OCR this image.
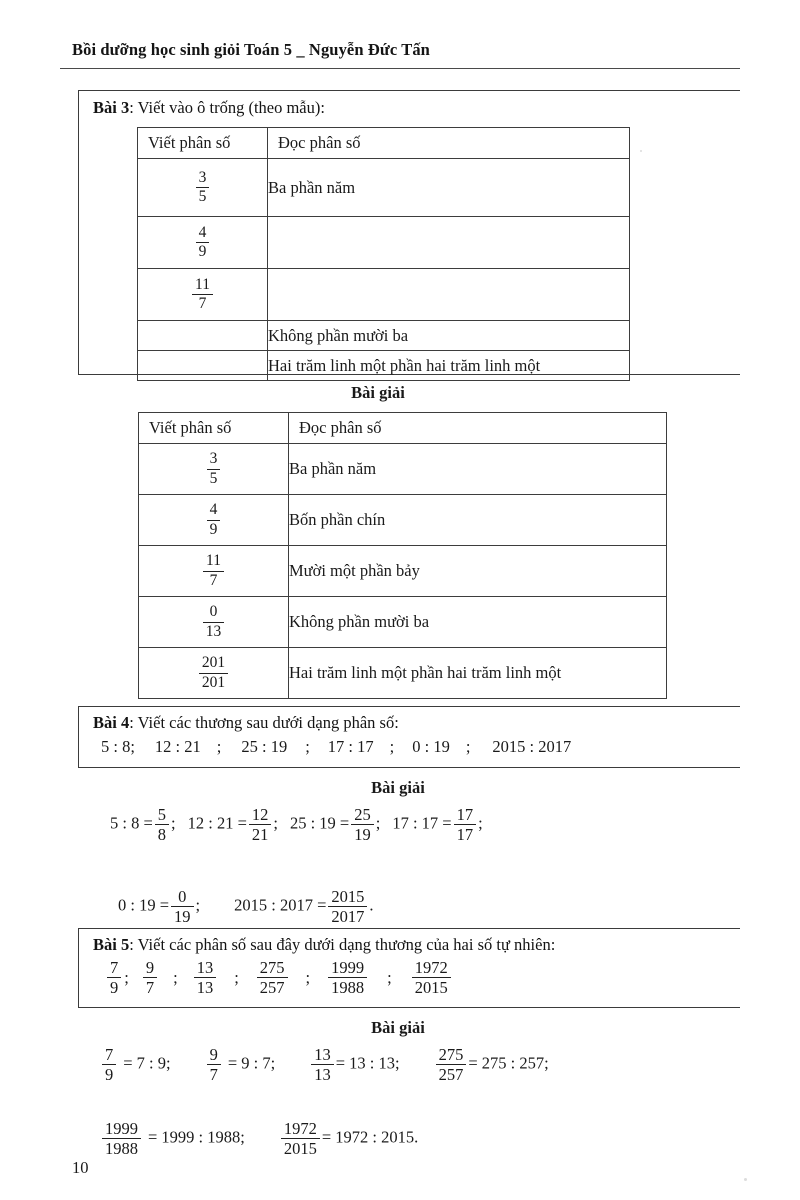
Bồi dưỡng học sinh giỏi Toán 5 _ Nguyễn Đức Tấn
Bài 3: Viết vào ô trống (theo mẫu):
Viết phân số	Đọc phân số

$\frac{3}{5}$	Ba phần năm

$\frac{4}{9}$

$\frac{11}{7}$

	Không phần mười ba
	Hai trăm linh một phần hai trăm linh một
Bài giải
Viết phân số	Đọc phân số

$\frac{3}{5}$	Ba phần năm

$\frac{4}{9}$	Bốn phần chín

$\frac{11}{7}$	Mười một phần bảy

$\frac{0}{13}$	Không phần mười ba

$\frac{201}{201}$	Hai trăm linh một phần hai trăm linh một
Bài 4: Viết các thương sau dưới dạng phân số:
5 : 8; 12 : 21 ; 25 : 19 ; 17 : 17 ; 0 : 19 ; 2015 : 2017
Bài giải
5 : $8 = \frac{5}{8}$ ; 12 : $21 = \frac{12}{21}$ ; 25 : $19 = \frac{25}{19}$ ; 17 : $17 = \frac{17}{17}$ ;
0 : $19 = \frac{0}{19}$ ; 2015 : $2017 = \frac{2015}{2017}$ .
Bài 5: Viết các phân số sau đây dưới dạng thương của hai số tự nhiên:
$\frac{7}{9}$ ; $\frac{9}{7}$ ; $\frac{13}{13}$	;	$\frac{275}{257}$	;	$\frac{1999}{1988}$	;	$\frac{1972}{2015}$
Bài giải
$\frac{7}{9} = 7$ : 9; $\frac{9}{7} = 9$ : 7; $\frac{13}{13} = 13$ : 13; $\frac{275}{257} = 275$ : 257;
$\frac{1999}{1988} = 1999$ : 1988; $\frac{1972}{2015} = 1972$ : 2015.
10
